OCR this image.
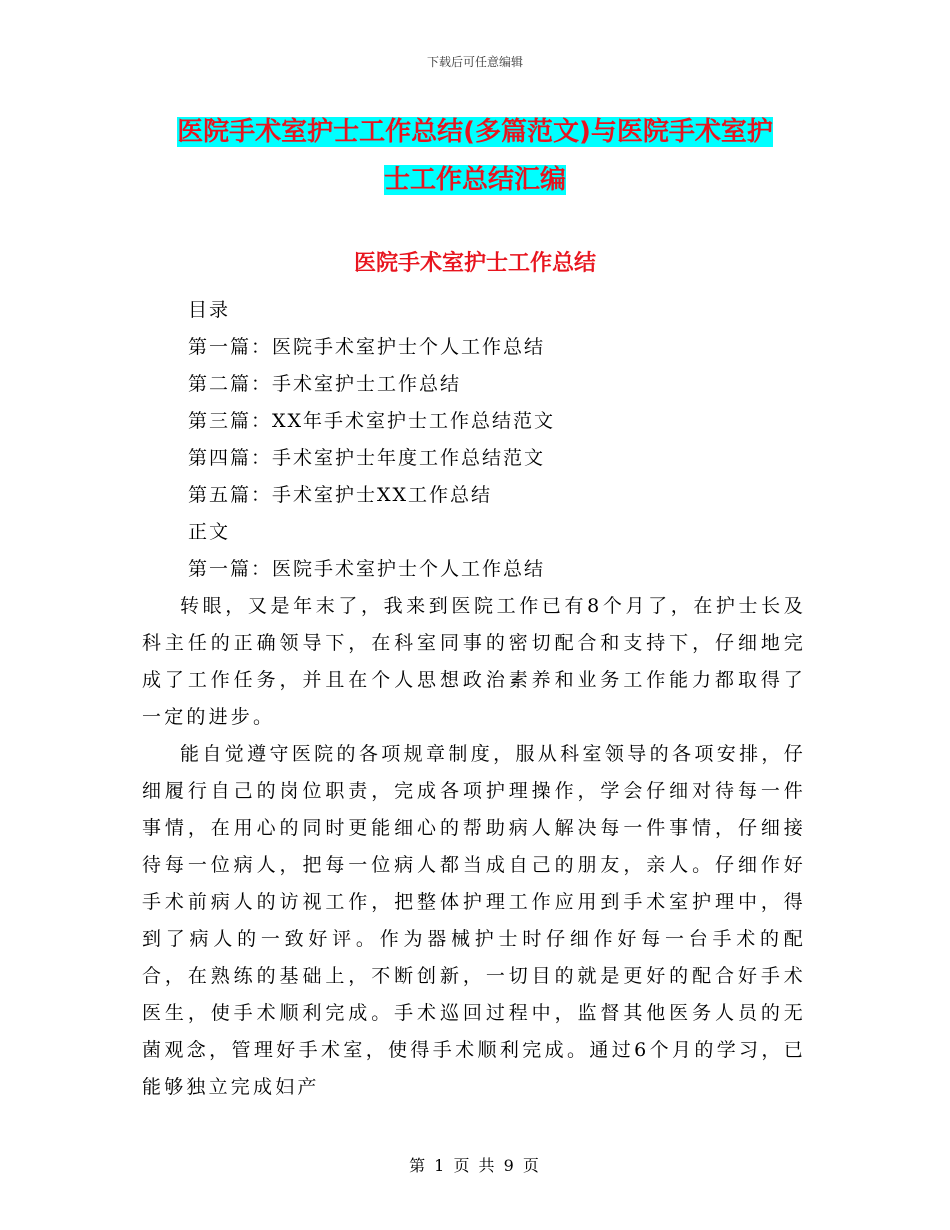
下载后可任意编辑
医院手术室护士工作总结(多篇范文)与医院手术室护
士工作总结汇编
医院手术室护士工作总结
目录
第一篇：医院手术室护士个人工作总结
第二篇：手术室护士工作总结
第三篇：XX年手术室护士工作总结范文
第四篇：手术室护士年度工作总结范文
第五篇：手术室护士XX工作总结
正文
第一篇：医院手术室护士个人工作总结

转眼，又是年末了，我来到医院工作已有8个月了，在护士长及科主任的正确领导下，在科室同事的密切配合和支持下，仔细地完成了工作任务，并且在个人思想政治素养和业务工作能力都取得了一定的进步。

能自觉遵守医院的各项规章制度，服从科室领导的各项安排，仔细履行自己的岗位职责，完成各项护理操作，学会仔细对待每一件事情，在用心的同时更能细心的帮助病人解决每一件事情，仔细接待每一位病人，把每一位病人都当成自己的朋友，亲人。仔细作好手术前病人的访视工作，把整体护理工作应用到手术室护理中，得到了病人的一致好评。作为器械护士时仔细作好每一台手术的配合，在熟练的基础上，不断创新，一切目的就是更好的配合好手术医生，使手术顺利完成。手术巡回过程中，监督其他医务人员的无菌观念，管理好手术室，使得手术顺利完成。通过6个月的学习，已能够独立完成妇产

第 1 页 共 9 页
